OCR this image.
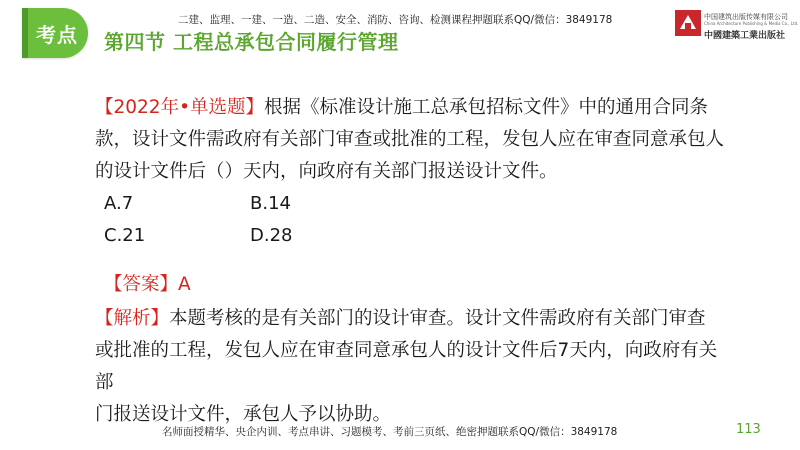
考点 第四节 工程总承包合同履行管理
二建、监理、一建、一造、二造、安全、消防、咨询、检测课程押题联系QQ/微信：3849178	中国建筑出版传媒有限公司
China Architecture Publishing & Media Co., Ltd.
中國建築工業出版社
【2022年•单选题】根据《标准设计施工总承包招标文件》中的通用合同条
款，设计文件需政府有关部门审查或批准的工程，发包人应在审查同意承包人
的设计文件后（）天内，向政府有关部门报送设计文件。
A.7	B.14
C.21	D.28
【答案】A
【解析】本题考核的是有关部门的设计审查。设计文件需政府有关部门审查
或批准的工程，发包人应在审查同意承包人的设计文件后7天内，向政府有关部
门报送设计文件，承包人予以协助。
名师面授精华、央企内训、考点串讲、习题模考、考前三页纸、绝密押题联系QQ/微信：3849178	113
